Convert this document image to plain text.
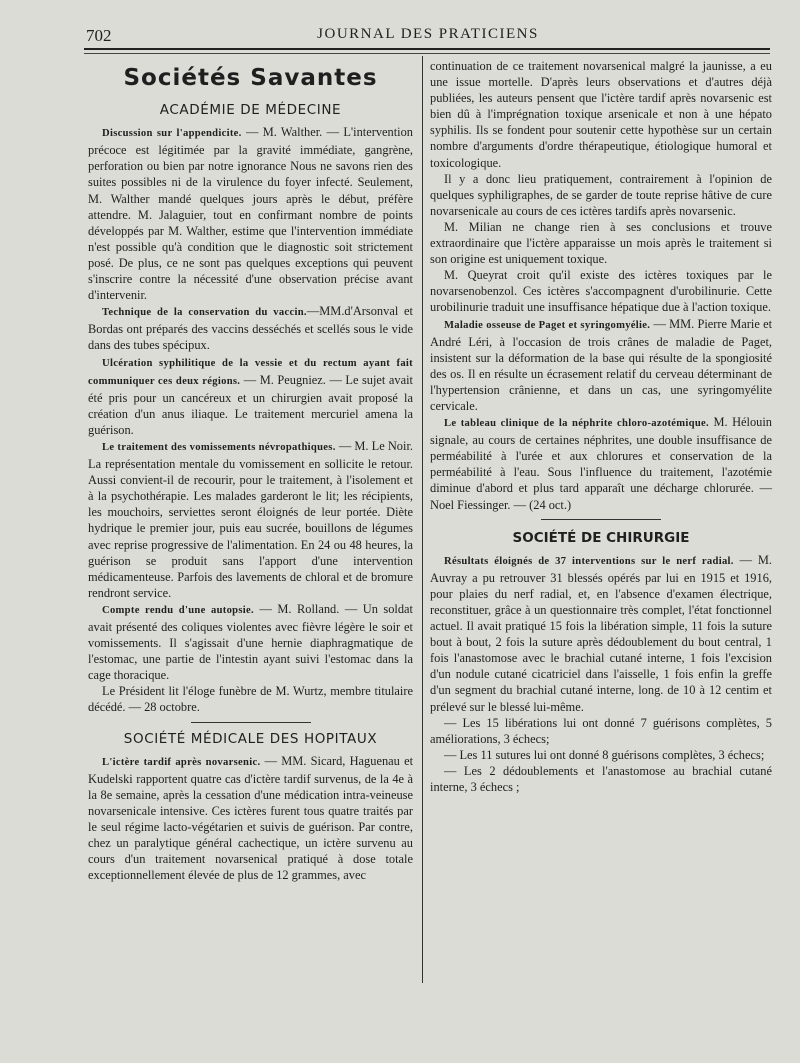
702	JOURNAL DES PRATICIENS
Sociétés Savantes
ACADÉMIE DE MÉDECINE

Discussion sur l'appendicite. — M. Walther. — L'intervention précoce est légitimée par la gravité immédiate, gangrène, perforation ou bien par notre ignorance Nous ne savons rien des suites possibles ni de la virulence du foyer infecté. Seulement, M. Walther mandé quelques jours après le début, préfère attendre. M. Jalaguier, tout en confirmant nombre de points développés par M. Walther, estime que l'intervention immédiate n'est possible qu'à condition que le diagnostic soit strictement posé. De plus, ce ne sont pas quelques exceptions qui peuvent s'inscrire contre la nécessité d'une observation précise avant d'intervenir.

Technique de la conservation du vaccin.—MM.d'Arsonval et Bordas ont préparés des vaccins desséchés et scellés sous le vide dans des tubes spécipux.

Ulcération syphilitique de la vessie et du rectum ayant fait communiquer ces deux régions. — M. Peugniez. — Le sujet avait été pris pour un cancéreux et un chirurgien avait proposé la création d'un anus iliaque. Le traitement mercuriel amena la guérison.

Le traitement des vomissements névropathiques. — M. Le Noir. La représentation mentale du vomissement en sollicite le retour. Aussi convient-il de recourir, pour le traitement, à l'isolement et à la psychothérapie. Les malades garderont le lit; les récipients, les mouchoirs, serviettes seront éloignés de leur portée. Diète hydrique le premier jour, puis eau sucrée, bouillons de légumes avec reprise progressive de l'alimentation. En 24 ou 48 heures, la guérison se produit sans l'apport d'une intervention médicamenteuse. Parfois des lavements de chloral et de bromure rendront service.

Compte rendu d'une autopsie. — M. Rolland. — Un soldat avait présenté des coliques violentes avec fièvre légère le soir et vomissements. Il s'agissait d'une hernie diaphragmatique de l'estomac, une partie de l'intestin ayant suivi l'estomac dans la cage thoracique.

Le Président lit l'éloge funèbre de M. Wurtz, membre titulaire décédé. — 28 octobre.

SOCIÉTÉ MÉDICALE DES HOPITAUX

L'ictère tardif après novarsenic. — MM. Sicard, Haguenau et Kudelski rapportent quatre cas d'ictère tardif survenus, de la 4e à la 8e semaine, après la cessation d'une médication intra-veineuse novarsenicale intensive. Ces ictères furent tous quatre traités par le seul régime lacto-végétarien et suivis de guérison. Par contre, chez un paralytique général cachectique, un ictère survenu au cours d'un traitement novarsenical pratiqué à dose totale exceptionnellement élevée de plus de 12 grammes, avec

continuation de ce traitement novarsenical malgré la jaunisse, a eu une issue mortelle. D'après leurs observations et d'autres déjà publiées, les auteurs pensent que l'ictère tardif après novarsenic est bien dû à l'imprégnation toxique arsenicale et non à une hépato syphilis. Ils se fondent pour soutenir cette hypothèse sur un certain nombre d'arguments d'ordre thérapeutique, étiologique humoral et toxicologique.

Il y a donc lieu pratiquement, contrairement à l'opinion de quelques syphiligraphes, de se garder de toute reprise hâtive de cure novarsenicale au cours de ces ictères tardifs après novarsenic.

M. Milian ne change rien à ses conclusions et trouve extraordinaire que l'ictère apparaisse un mois après le traitement si son origine est uniquement toxique.

M. Queyrat croit qu'il existe des ictères toxiques par le novarsenobenzol. Ces ictères s'accompagnent d'urobilinurie. Cette urobilinurie traduit une insuffisance hépatique due à l'action toxique.

Maladie osseuse de Paget et syringomyélie. — MM. Pierre Marie et André Léri, à l'occasion de trois crânes de maladie de Paget, insistent sur la déformation de la base qui résulte de la spongiosité des os. Il en résulte un écrasement relatif du cerveau déterminant de l'hypertension crânienne, et dans un cas, une syringomyélite cervicale.

Le tableau clinique de la néphrite chloro-azotémique. M. Hélouin signale, au cours de certaines néphrites, une double insuffisance de perméabilité à l'urée et aux chlorures et conservation de la perméabilité à l'eau. Sous l'influence du traitement, l'azotémie diminue d'abord et plus tard apparaît une décharge chlorurée. — Noel Fiessinger. — (24 oct.)

SOCIÉTÉ DE CHIRURGIE

Résultats éloignés de 37 interventions sur le nerf radial. — M. Auvray a pu retrouver 31 blessés opérés par lui en 1915 et 1916, pour plaies du nerf radial, et, en l'absence d'examen électrique, reconstituer, grâce à un questionnaire très complet, l'état fonctionnel actuel. Il avait pratiqué 15 fois la libération simple, 11 fois la suture bout à bout, 2 fois la suture après dédoublement du bout central, 1 fois l'anastomose avec le brachial cutané interne, 1 fois l'excision d'un nodule cutané cicatriciel dans l'aisselle, 1 fois enfin la greffe d'un segment du brachial cutané interne, long. de 10 à 12 centim et prélevé sur le blessé lui-même.

— Les 15 libérations lui ont donné 7 guérisons complètes, 5 améliorations, 3 échecs;

— Les 11 sutures lui ont donné 8 guérisons complètes, 3 échecs;

— Les 2 dédoublements et l'anastomose au brachial cutané interne, 3 échecs ;
